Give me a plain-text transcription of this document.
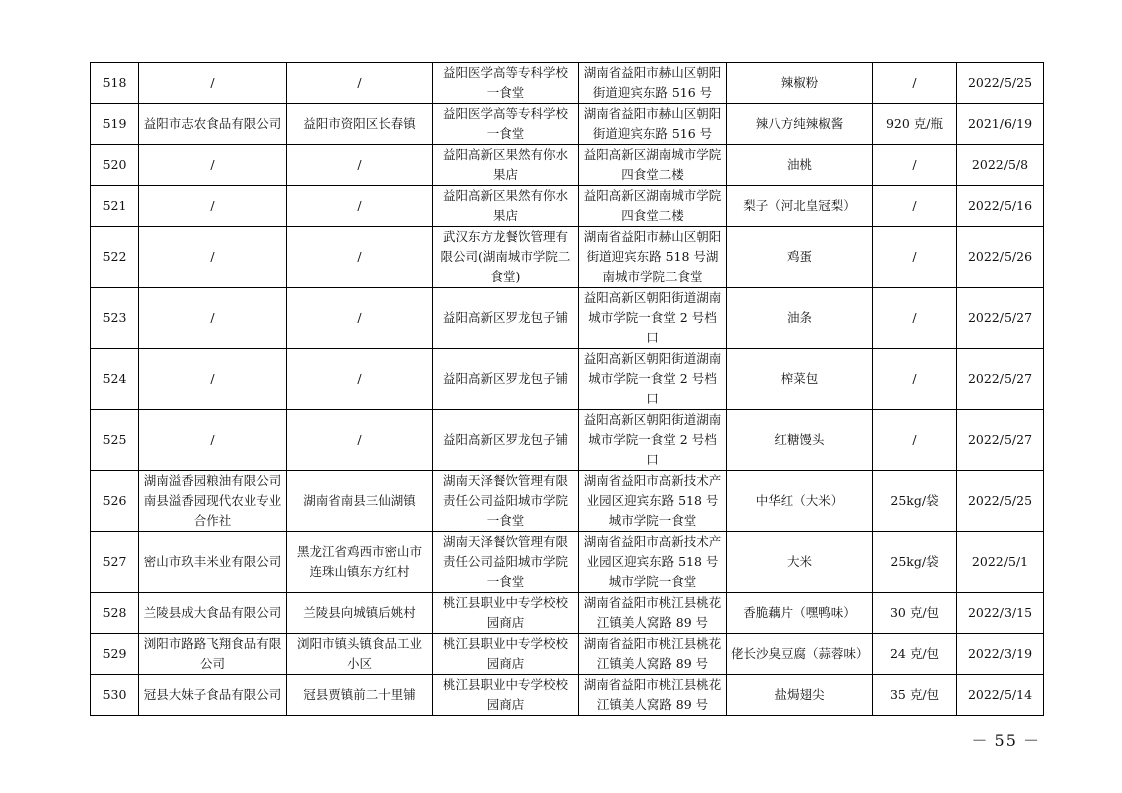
518	/	/	益阳医学高等专科学校一食堂	湖南省益阳市赫山区朝阳街道迎宾东路 516 号	辣椒粉	/	2022/5/25
519	益阳市志农食品有限公司	益阳市资阳区长春镇	益阳医学高等专科学校一食堂	湖南省益阳市赫山区朝阳街道迎宾东路 516 号	辣八方纯辣椒酱	920 克/瓶	2021/6/19
520	/	/	益阳高新区果然有你水果店	益阳高新区湖南城市学院四食堂二楼	油桃	/	2022/5/8
521	/	/	益阳高新区果然有你水果店	益阳高新区湖南城市学院四食堂二楼	梨子（河北皇冠梨）	/	2022/5/16
522	/	/	武汉东方龙餐饮管理有限公司(湖南城市学院二食堂)	湖南省益阳市赫山区朝阳街道迎宾东路 518 号湖南城市学院二食堂	鸡蛋	/	2022/5/26
523	/	/	益阳高新区罗龙包子铺	益阳高新区朝阳街道湖南城市学院一食堂 2 号档口	油条	/	2022/5/27
524	/	/	益阳高新区罗龙包子铺	益阳高新区朝阳街道湖南城市学院一食堂 2 号档口	榨菜包	/	2022/5/27
525	/	/	益阳高新区罗龙包子铺	益阳高新区朝阳街道湖南城市学院一食堂 2 号档口	红糖馒头	/	2022/5/27
526	湖南溢香园粮油有限公司南县溢香园现代农业专业合作社	湖南省南县三仙湖镇	湖南天泽餐饮管理有限责任公司益阳城市学院一食堂	湖南省益阳市高新技术产业园区迎宾东路 518 号城市学院一食堂	中华红（大米）	25kg/袋	2022/5/25
527	密山市玖丰米业有限公司	黑龙江省鸡西市密山市连珠山镇东方红村	湖南天泽餐饮管理有限责任公司益阳城市学院一食堂	湖南省益阳市高新技术产业园区迎宾东路 518 号城市学院一食堂	大米	25kg/袋	2022/5/1
528	兰陵县成大食品有限公司	兰陵县向城镇后姚村	桃江县职业中专学校校园商店	湖南省益阳市桃江县桃花江镇美人窝路 89 号	香脆藕片（嘿鸭味）	30 克/包	2022/3/15
529	浏阳市路路飞翔食品有限公司	浏阳市镇头镇食品工业小区	桃江县职业中专学校校园商店	湖南省益阳市桃江县桃花江镇美人窝路 89 号	佬长沙臭豆腐（蒜蓉味）	24 克/包	2022/3/19
530	冠县大妹子食品有限公司	冠县贾镇前二十里铺	桃江县职业中专学校校园商店	湖南省益阳市桃江县桃花江镇美人窝路 89 号	盐焗翅尖	35 克/包	2022/5/14
－ 55 －
